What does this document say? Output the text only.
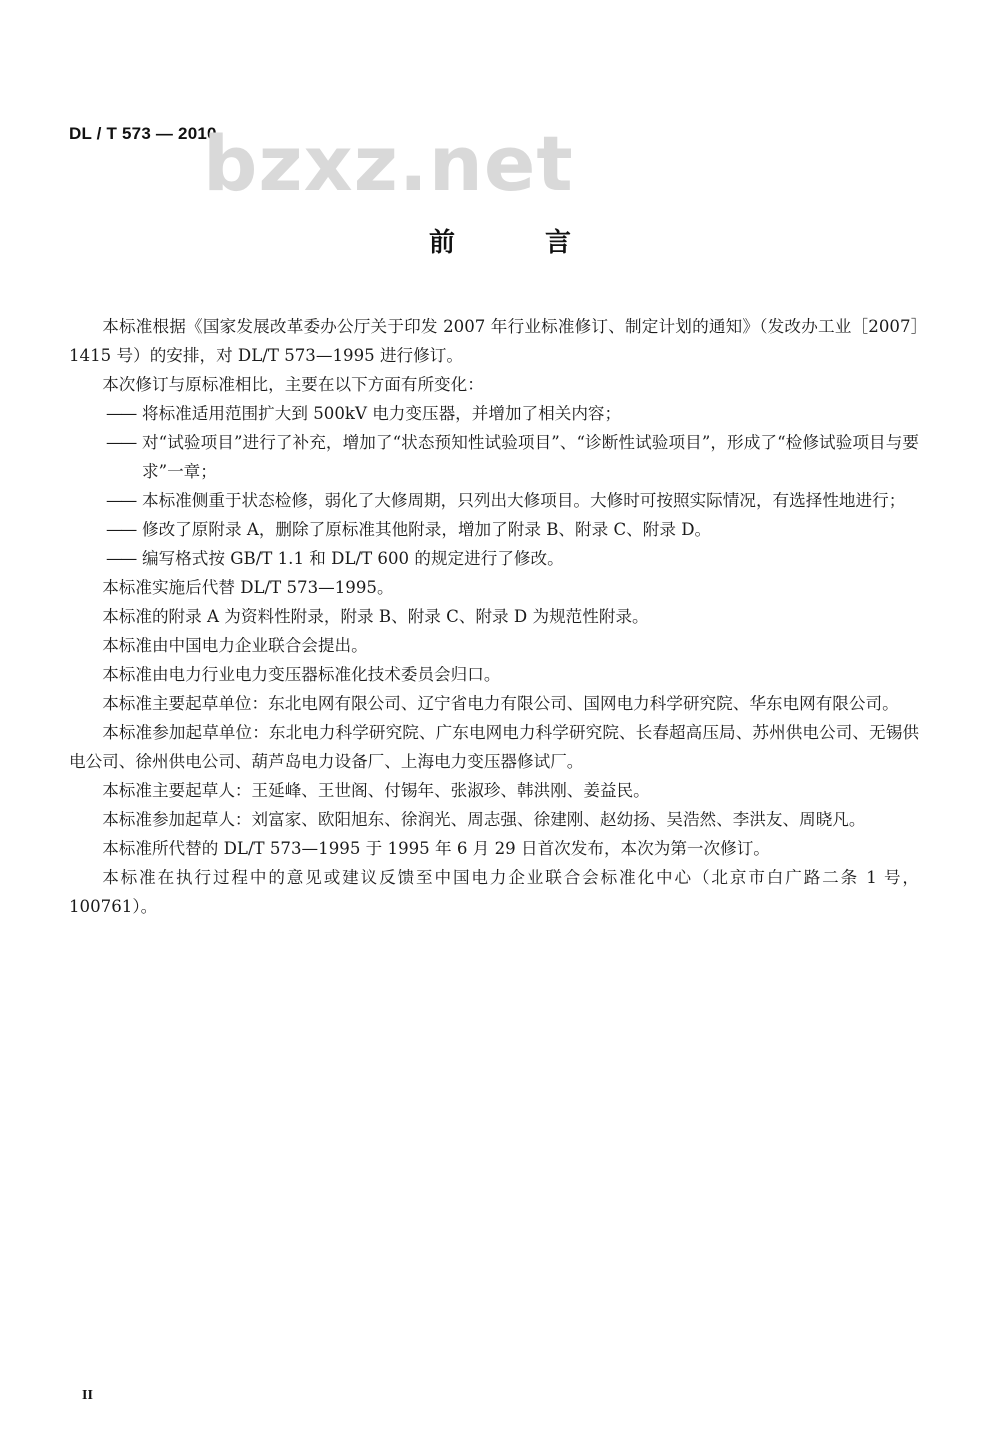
DL / T 573 — 2010
bzxz.net
前　言

本标准根据《国家发展改革委办公厅关于印发 2007 年行业标准修订、制定计划的通知》（发改办工业［2007］1415 号）的安排，对 DL/T 573—1995 进行修订。

本次修订与原标准相比，主要在以下方面有所变化：

—— 将标准适用范围扩大到 500kV 电力变压器，并增加了相关内容；

—— 对“试验项目”进行了补充，增加了“状态预知性试验项目”、“诊断性试验项目”，形成了“检修试验项目与要求”一章；

—— 本标准侧重于状态检修，弱化了大修周期，只列出大修项目。大修时可按照实际情况，有选择性地进行；

—— 修改了原附录 A，删除了原标准其他附录，增加了附录 B、附录 C、附录 D。

—— 编写格式按 GB/T 1.1 和 DL/T 600 的规定进行了修改。

本标准实施后代替 DL/T 573—1995。

本标准的附录 A 为资料性附录，附录 B、附录 C、附录 D 为规范性附录。

本标准由中国电力企业联合会提出。

本标准由电力行业电力变压器标准化技术委员会归口。

本标准主要起草单位：东北电网有限公司、辽宁省电力有限公司、国网电力科学研究院、华东电网有限公司。

本标准参加起草单位：东北电力科学研究院、广东电网电力科学研究院、长春超高压局、苏州供电公司、无锡供电公司、徐州供电公司、葫芦岛电力设备厂、上海电力变压器修试厂。

本标准主要起草人：王延峰、王世阁、付锡年、张淑珍、韩洪刚、姜益民。

本标准参加起草人：刘富家、欧阳旭东、徐润光、周志强、徐建刚、赵幼扬、吴浩然、李洪友、周晓凡。

本标准所代替的 DL/T 573—1995 于 1995 年 6 月 29 日首次发布，本次为第一次修订。

本标准在执行过程中的意见或建议反馈至中国电力企业联合会标准化中心（北京市白广路二条 1 号，100761）。

II
